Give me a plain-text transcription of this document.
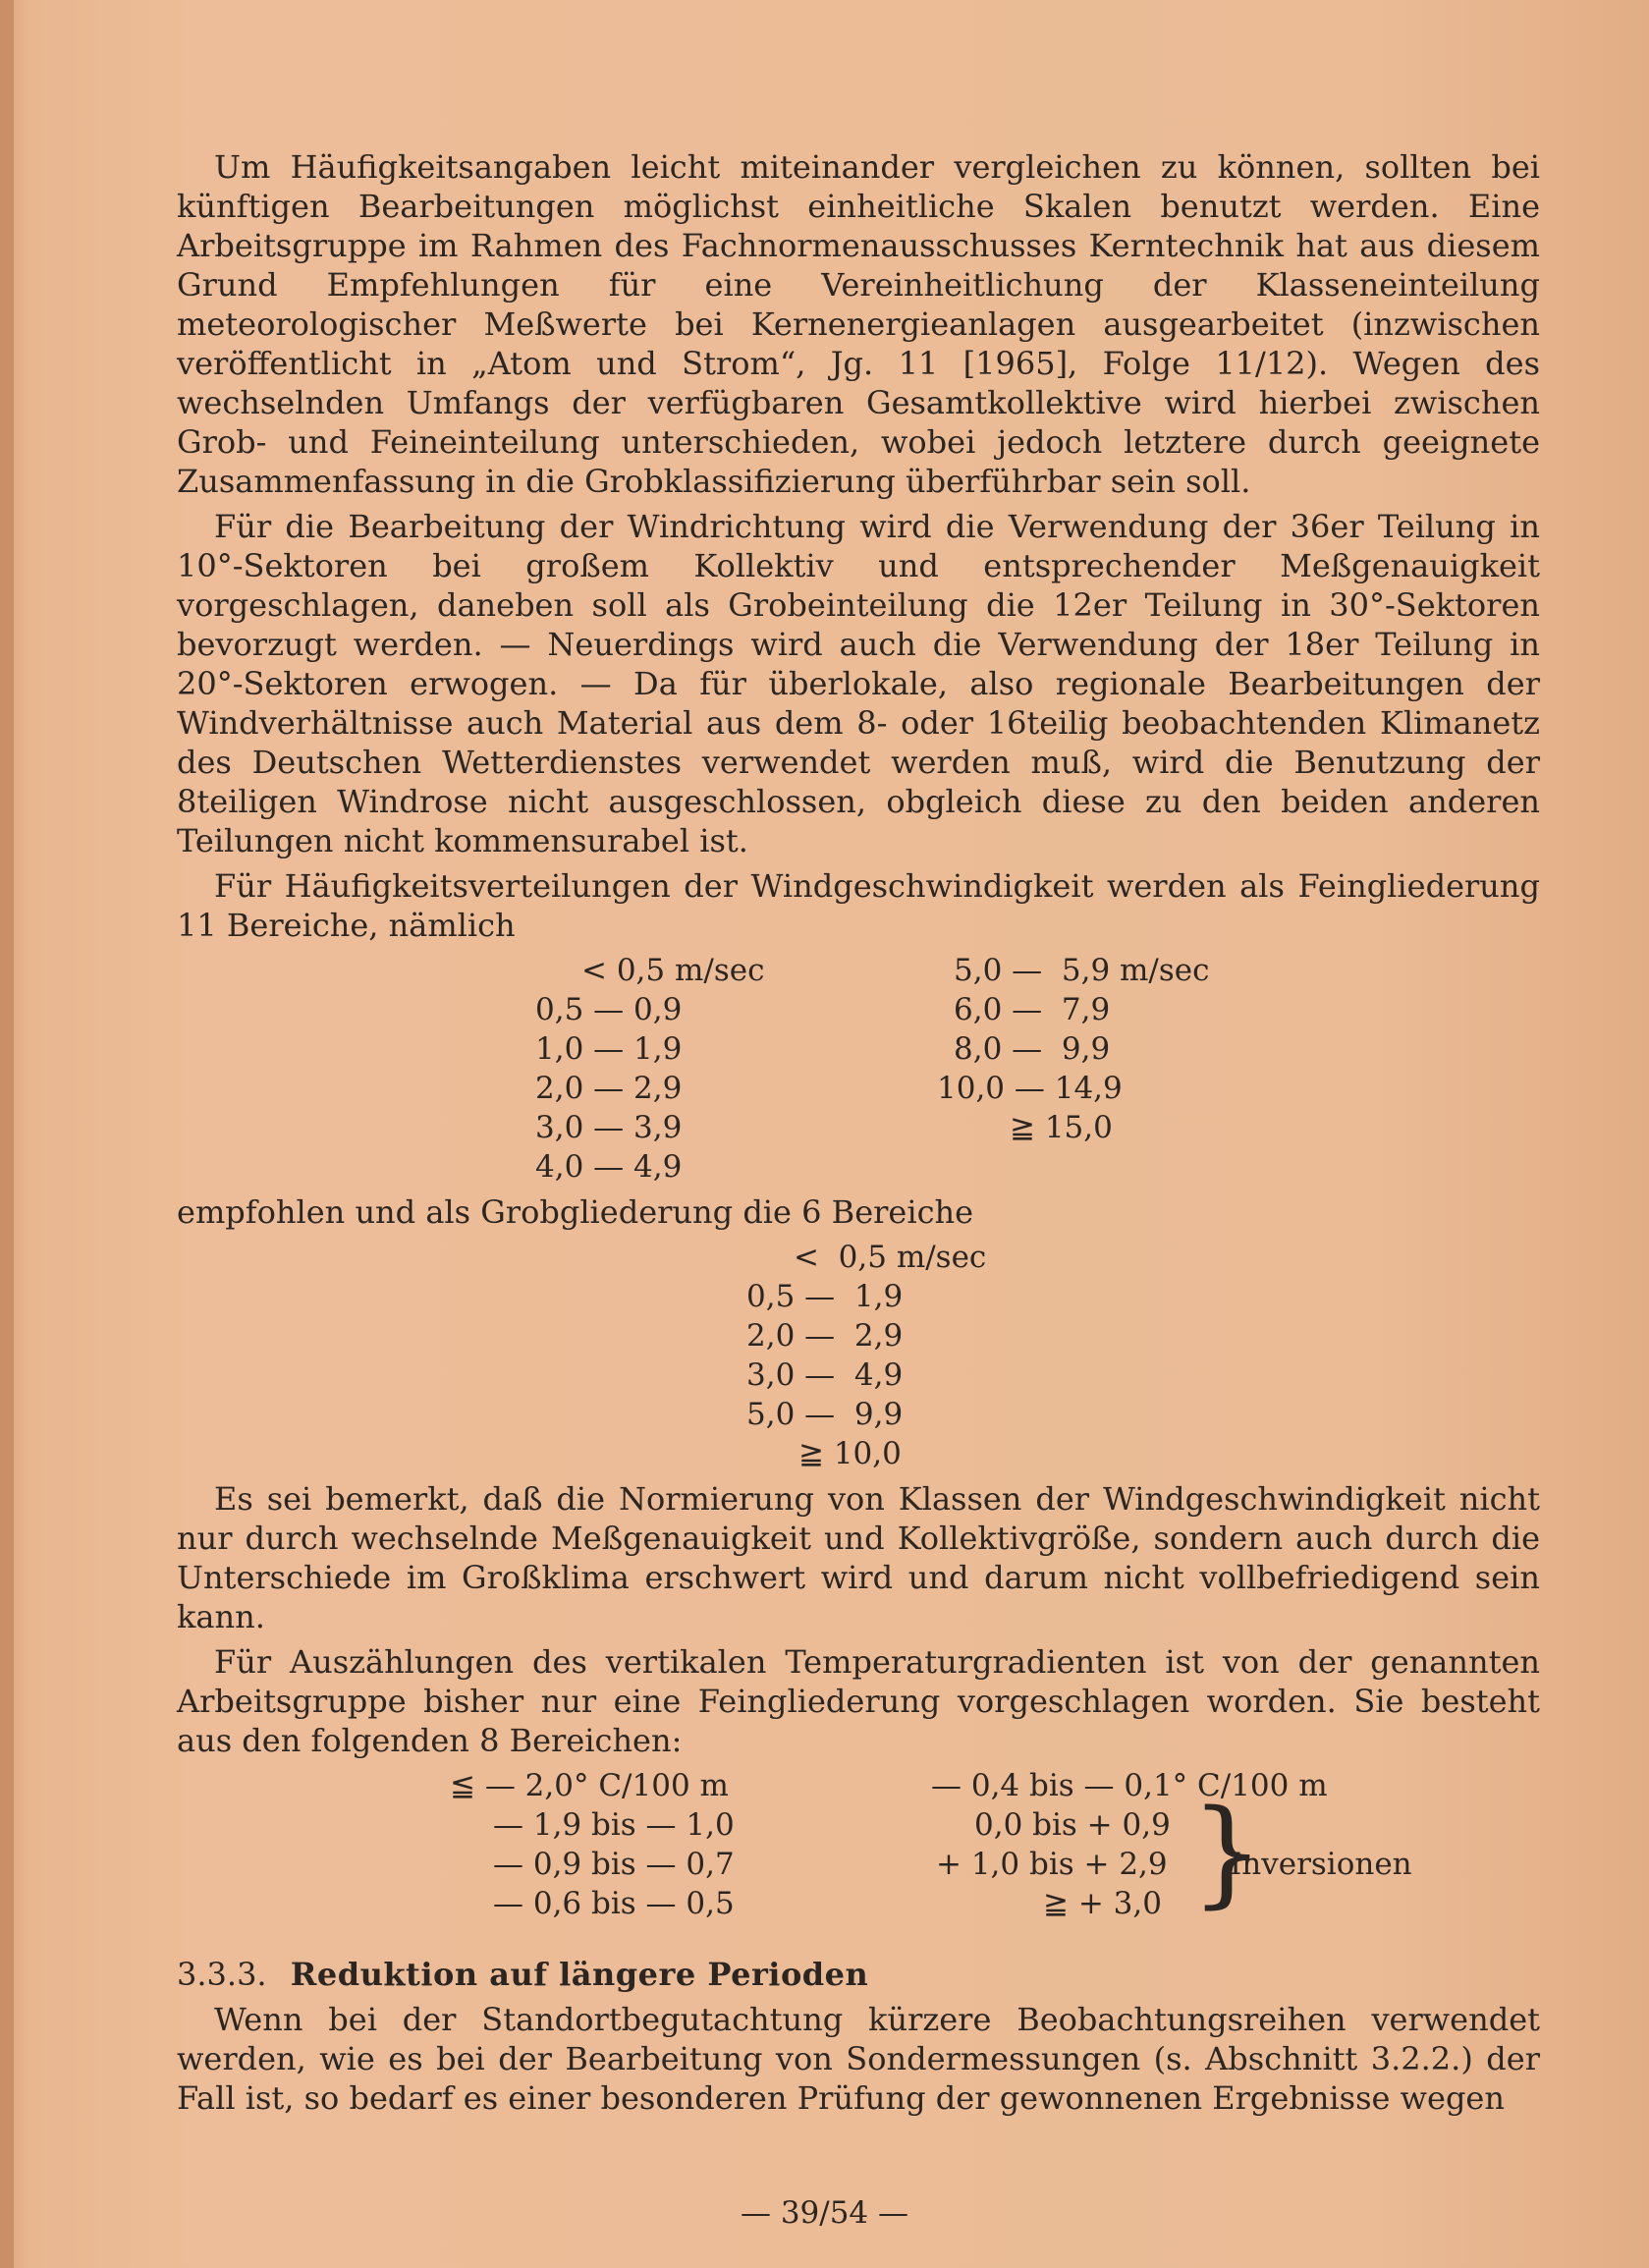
Um Häufigkeitsangaben leicht miteinander vergleichen zu können, sollten bei künftigen Bearbeitungen möglichst einheitliche Skalen benutzt werden. Eine Arbeitsgruppe im Rahmen des Fachnormenausschusses Kerntechnik hat aus diesem Grund Empfehlungen für eine Vereinheitlichung der Klasseneinteilung meteorologischer Meßwerte bei Kernenergieanlagen ausgearbeitet (inzwischen veröffentlicht in „Atom und Strom“, Jg. 11 [1965], Folge 11/12). Wegen des wechselnden Umfangs der verfügbaren Gesamtkollektive wird hierbei zwischen Grob- und Feineinteilung unterschieden, wobei jedoch letztere durch geeignete Zusammenfassung in die Grobklassifizierung überführbar sein soll.

Für die Bearbeitung der Windrichtung wird die Verwendung der 36er Teilung in 10°-Sektoren bei großem Kollektiv und entsprechender Meßgenauigkeit vorgeschlagen, daneben soll als Grobeinteilung die 12er Teilung in 30°-Sektoren bevorzugt werden. — Neuerdings wird auch die Verwendung der 18er Teilung in 20°-Sektoren erwogen. — Da für überlokale, also regionale Bearbeitungen der Windverhältnisse auch Material aus dem 8- oder 16teilig beobachtenden Klimanetz des Deutschen Wetterdienstes verwendet werden muß, wird die Benutzung der 8teiligen Windrose nicht ausgeschlossen, obgleich diese zu den beiden anderen Teilungen nicht kommensurabel ist.

Für Häufigkeitsverteilungen der Windgeschwindigkeit werden als Feingliederung 11 Bereiche, nämlich

< 0,5 m/sec
0,5 — 0,9
1,0 — 1,9
2,0 — 2,9
3,0 — 3,9
4,0 — 4,9
5,0 —  5,9 m/sec
6,0 —  7,9
8,0 —  9,9
10,0 — 14,9
≧ 15,0

empfohlen und als Grobgliederung die 6 Bereiche

<  0,5 m/sec
0,5 —  1,9
2,0 —  2,9
3,0 —  4,9
5,0 —  9,9
≧ 10,0

Es sei bemerkt, daß die Normierung von Klassen der Windgeschwindigkeit nicht nur durch wechselnde Meßgenauigkeit und Kollektivgröße, sondern auch durch die Unterschiede im Großklima erschwert wird und darum nicht vollbefriedigend sein kann.

Für Auszählungen des vertikalen Temperaturgradienten ist von der genannten Arbeitsgruppe bisher nur eine Feingliederung vorgeschlagen worden. Sie besteht aus den folgenden 8 Bereichen:

≦ — 2,0° C/100 m
— 1,9 bis — 1,0
— 0,9 bis — 0,7
— 0,6 bis — 0,5
— 0,4 bis — 0,1° C/100 m
0,0 bis + 0,9
+ 1,0 bis + 2,9
≧ + 3,0 }
Inversionen
3.3.3. Reduktion auf längere Perioden

Wenn bei der Standortbegutachtung kürzere Beobachtungsreihen verwendet werden, wie es bei der Bearbeitung von Sondermessungen (s. Abschnitt 3.2.2.) der Fall ist, so bedarf es einer besonderen Prüfung der gewonnenen Ergebnisse wegen

— 39/54 —
